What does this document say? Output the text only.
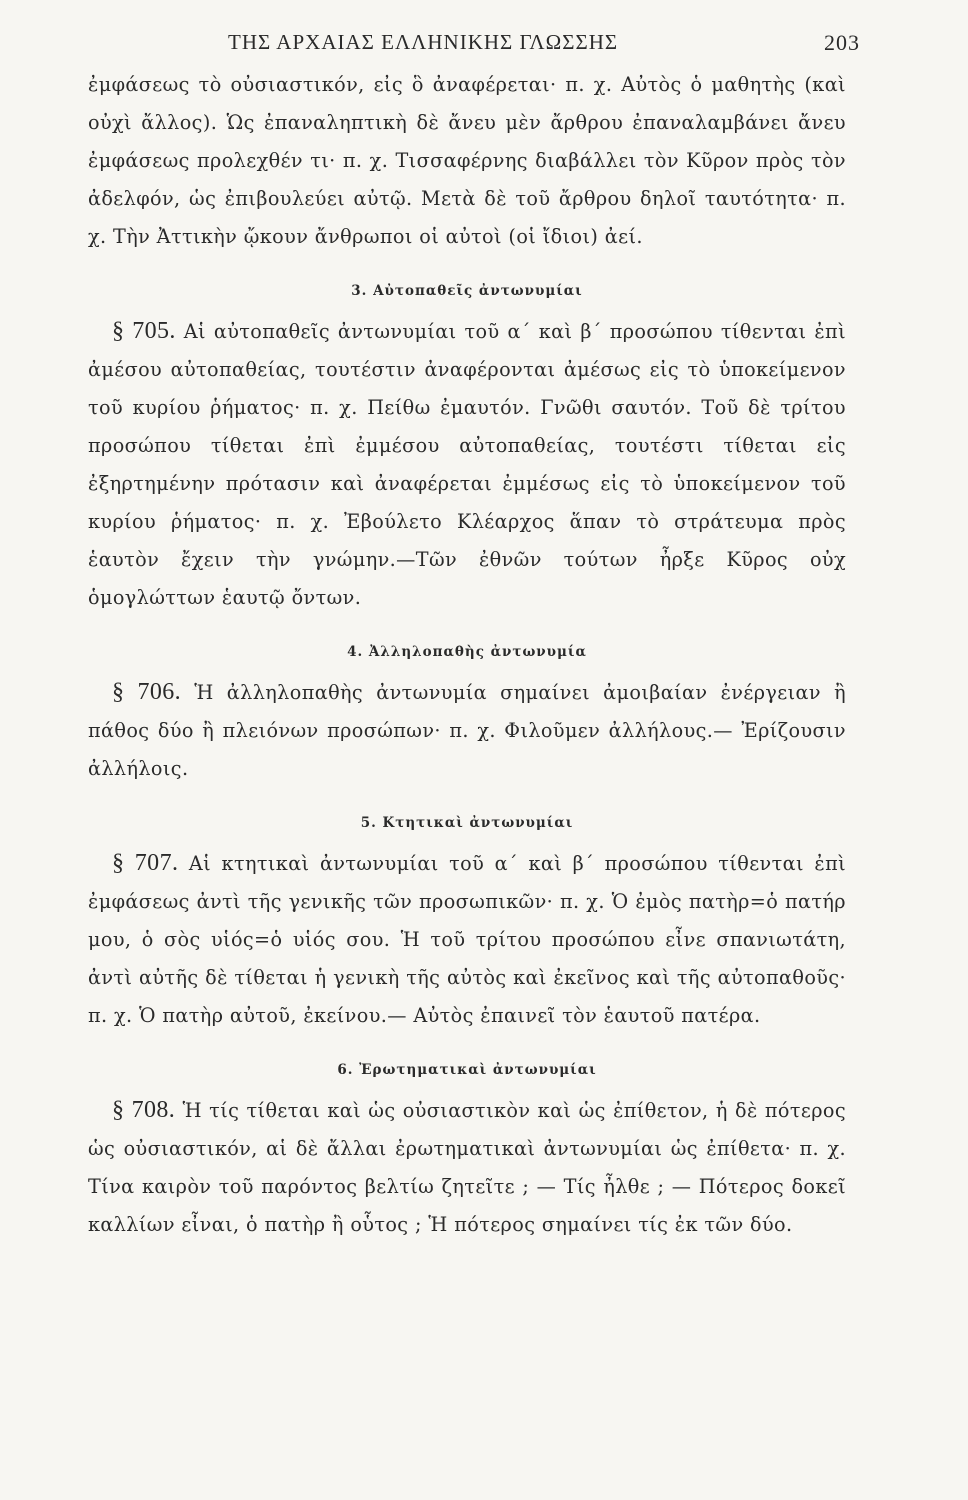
ΤΗΣ ΑΡΧΑΙΑΣ ΕΛΛΗΝΙΚΗΣ ΓΛΩΣΣΗΣ	203

ἐμφάσεως τὸ οὐσιαστικόν, εἰς ὃ ἀναφέρεται· π. χ. Αὐτὸς ὁ μαθητὴς (καὶ οὐχὶ ἄλλος). Ὡς ἐπαναληπτικὴ δὲ ἄνευ μὲν ἄρθρου ἐπαναλαμβάνει ἄνευ ἐμφάσεως προλεχθέν τι· π. χ. Τισσαφέρνης διαβάλλει τὸν Κῦρον πρὸς τὸν ἀδελφόν, ὡς ἐπιβουλεύει αὐτῷ. Μετὰ δὲ τοῦ ἄρθρου δηλοῖ ταυτότητα· π. χ. Τὴν Ἀττικὴν ᾤκουν ἄνθρωποι οἱ αὐτοὶ (οἱ ἴδιοι) ἀεί.

3. Αὐτοπαθεῖς ἀντωνυμίαι

§ 705. Αἱ αὐτοπαθεῖς ἀντωνυμίαι τοῦ α΄ καὶ β΄ προσώπου τίθενται ἐπὶ ἀμέσου αὐτοπαθείας, τουτέστιν ἀναφέρονται ἀμέσως εἰς τὸ ὑποκείμενον τοῦ κυρίου ῥήματος· π. χ. Πείθω ἐμαυτόν. Γνῶθι σαυτόν. Τοῦ δὲ τρίτου προσώπου τίθεται ἐπὶ ἐμμέσου αὐτοπαθείας, τουτέστι τίθεται εἰς ἐξηρτημένην πρότασιν καὶ ἀναφέρεται ἐμμέσως εἰς τὸ ὑποκείμενον τοῦ κυρίου ῥήματος· π. χ. Ἐβούλετο Κλέαρχος ἅπαν τὸ στράτευμα πρὸς ἑαυτὸν ἔχειν τὴν γνώμην.—Τῶν ἐθνῶν τούτων ἦρξε Κῦρος οὐχ ὁμογλώττων ἑαυτῷ ὄντων.

4. Ἀλληλοπαθὴς ἀντωνυμία

§ 706. Ἡ ἀλληλοπαθὴς ἀντωνυμία σημαίνει ἀμοιβαίαν ἐνέργειαν ἢ πάθος δύο ἢ πλειόνων προσώπων· π. χ. Φιλοῦμεν ἀλλήλους.— Ἐρίζουσιν ἀλλήλοις.

5. Κτητικαὶ ἀντωνυμίαι

§ 707. Αἱ κτητικαὶ ἀντωνυμίαι τοῦ α΄ καὶ β΄ προσώπου τίθενται ἐπὶ ἐμφάσεως ἀντὶ τῆς γενικῆς τῶν προσωπικῶν· π. χ. Ὁ ἐμὸς πατὴρ=ὁ πατήρ μου, ὁ σὸς υἱός=ὁ υἱός σου. Ἡ τοῦ τρίτου προσώπου εἶνε σπανιωτάτη, ἀντὶ αὐτῆς δὲ τίθεται ἡ γενικὴ τῆς αὐτὸς καὶ ἐκεῖνος καὶ τῆς αὐτοπαθοῦς· π. χ. Ὁ πατὴρ αὐτοῦ, ἐκείνου.— Αὐτὸς ἐπαινεῖ τὸν ἑαυτοῦ πατέρα.

6. Ἐρωτηματικαὶ ἀντωνυμίαι

§ 708. Ἡ τίς τίθεται καὶ ὡς οὐσιαστικὸν καὶ ὡς ἐπίθετον, ἡ δὲ πότερος ὡς οὐσιαστικόν, αἱ δὲ ἄλλαι ἐρωτηματικαὶ ἀντωνυμίαι ὡς ἐπίθετα· π. χ. Τίνα καιρὸν τοῦ παρόντος βελτίω ζητεῖτε ; — Τίς ἦλθε ; — Πότερος δοκεῖ καλλίων εἶναι, ὁ πατὴρ ἢ οὗτος ; Ἡ πότερος σημαίνει τίς ἐκ τῶν δύο.
